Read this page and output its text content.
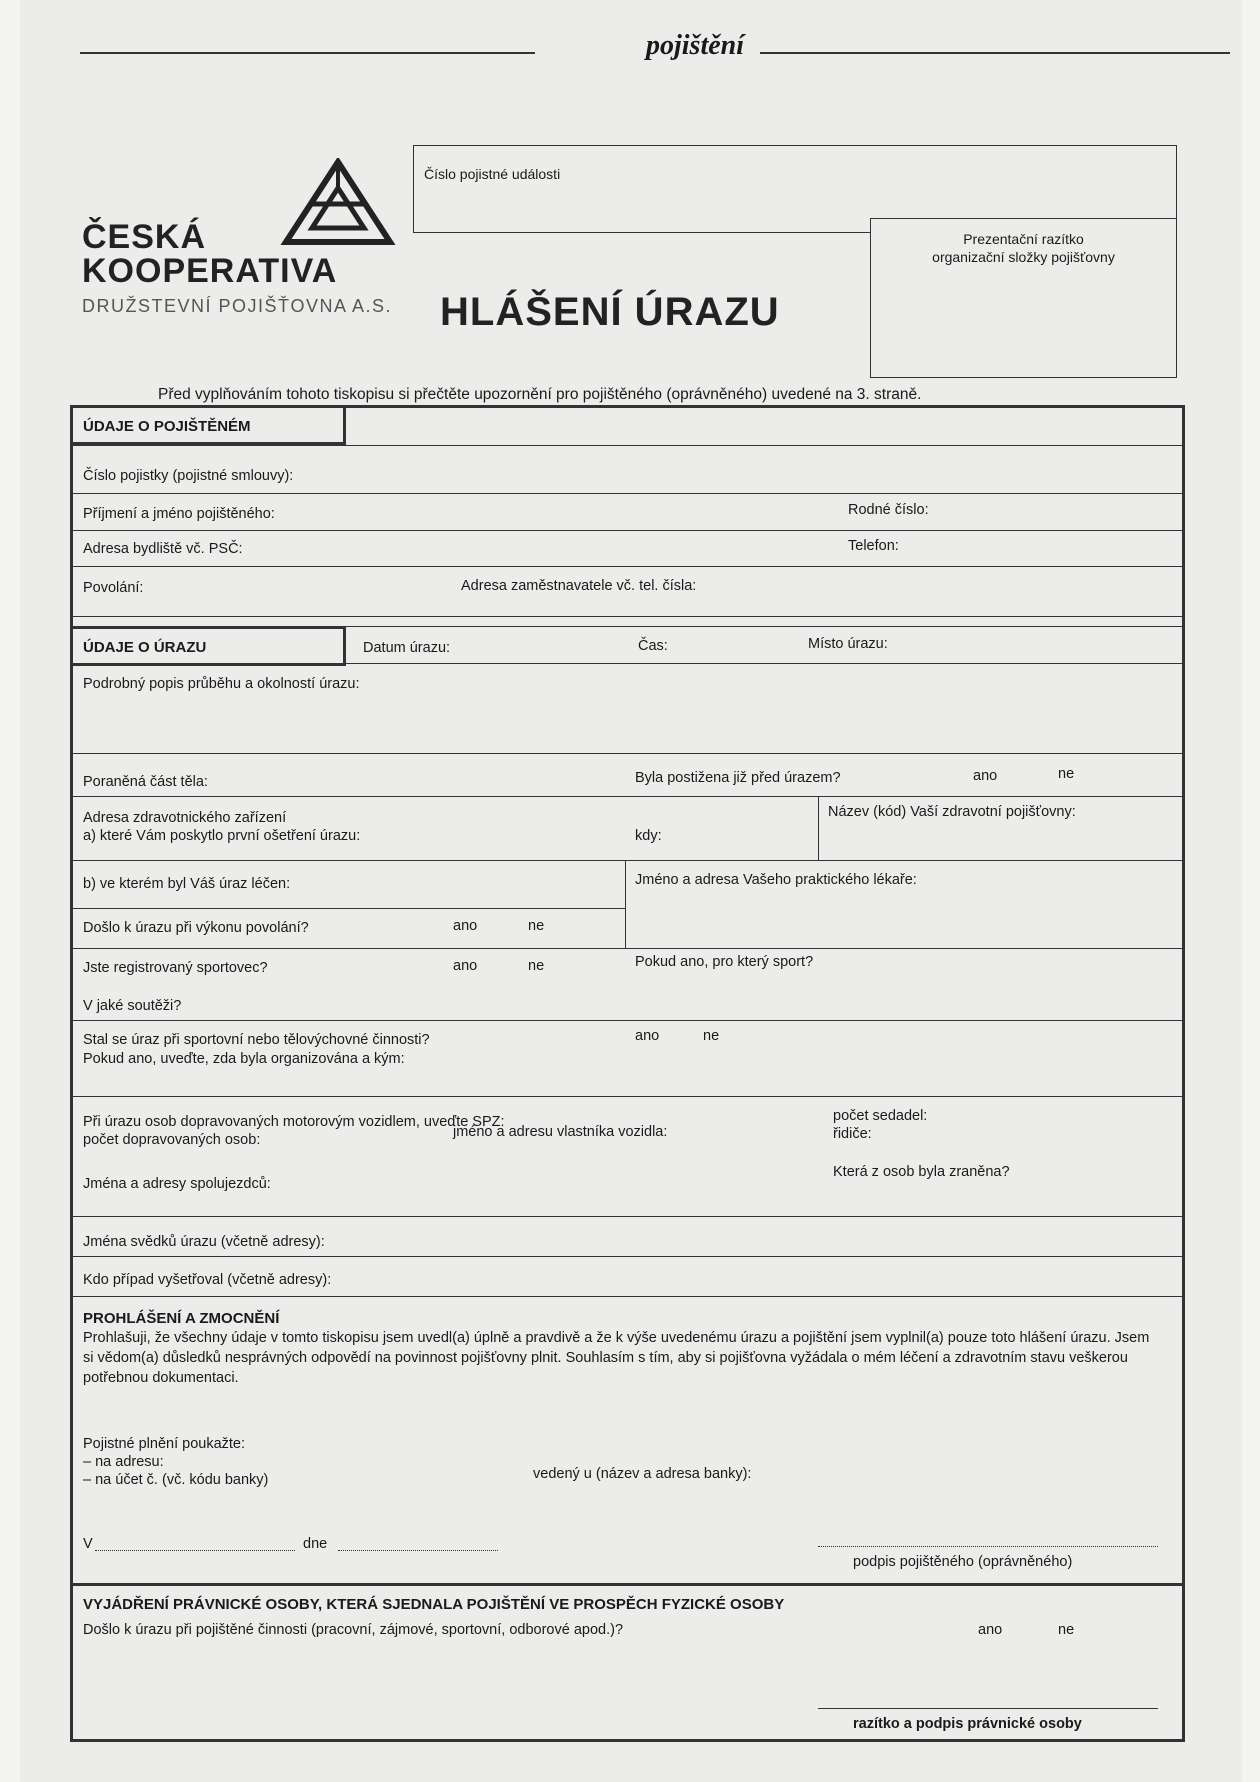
pojištění
ČESKÁ
KOOPERATIVA
DRUŽSTEVNÍ POJIŠŤOVNA A.S.
Číslo pojistné události
Prezentační razítko
organizační složky pojišťovny
HLÁŠENÍ ÚRAZU
Před vyplňováním tohoto tiskopisu si přečtěte upozornění pro pojištěného (oprávněného) uvedené na 3. straně.
ÚDAJE O POJIŠTĚNÉM
Číslo pojistky (pojistné smlouvy):
Příjmení a jméno pojištěného:	Rodné číslo:
Adresa bydliště vč. PSČ:	Telefon:
Povolání:	Adresa zaměstnavatele vč. tel. čísla:
ÚDAJE O ÚRAZU	Datum úrazu:	Čas:	Místo úrazu:
Podrobný popis průběhu a okolností úrazu:
Poraněná část těla:	Byla postižena již před úrazem?	ano	ne
Adresa zdravotnického zařízení
a) které Vám poskytlo první ošetření úrazu:	kdy:
Název (kód) Vaší zdravotní pojišťovny:
b) ve kterém byl Váš úraz léčen:	Jméno a adresa Vašeho praktického lékaře:
Došlo k úrazu při výkonu povolání?	ano	ne
Jste registrovaný sportovec?	ano	ne	Pokud ano, pro který sport?
V jaké soutěži?
Stal se úraz při sportovní nebo tělovýchovné činnosti?
Pokud ano, uveďte, zda byla organizována a kým:
ano	ne
Při úrazu osob dopravovaných motorovým vozidlem, uveďte SPZ:
počet dopravovaných osob:	jméno a adresu vlastníka vozidla:
počet sedadel:
řidiče:
Která z osob byla zraněna?
Jména a adresy spolujezdců:
Jména svědků úrazu (včetně adresy):
Kdo případ vyšetřoval (včetně adresy):
PROHLÁŠENÍ A ZMOCNĚNÍ
Prohlašuji, že všechny údaje v tomto tiskopisu jsem uvedl(a) úplně a pravdivě a že k výše uvedenému úrazu a pojištění jsem vyplnil(a) pouze toto hlášení úrazu. Jsem si vědom(a) důsledků nesprávných odpovědí na povinnost pojišťovny plnit. Souhlasím s tím, aby si pojišťovna vyžádala o mém léčení a zdravotním stavu veškerou potřebnou dokumentaci.
Pojistné plnění poukažte:
– na adresu:
– na účet č. (vč. kódu banky)	vedený u (název a adresa banky):
V	dne
podpis pojištěného (oprávněného)
VYJÁDŘENÍ PRÁVNICKÉ OSOBY, KTERÁ SJEDNALA POJIŠTĚNÍ VE PROSPĚCH FYZICKÉ OSOBY
Došlo k úrazu při pojištěné činnosti (pracovní, zájmové, sportovní, odborové apod.)?	ano	ne
razítko a podpis právnické osoby
